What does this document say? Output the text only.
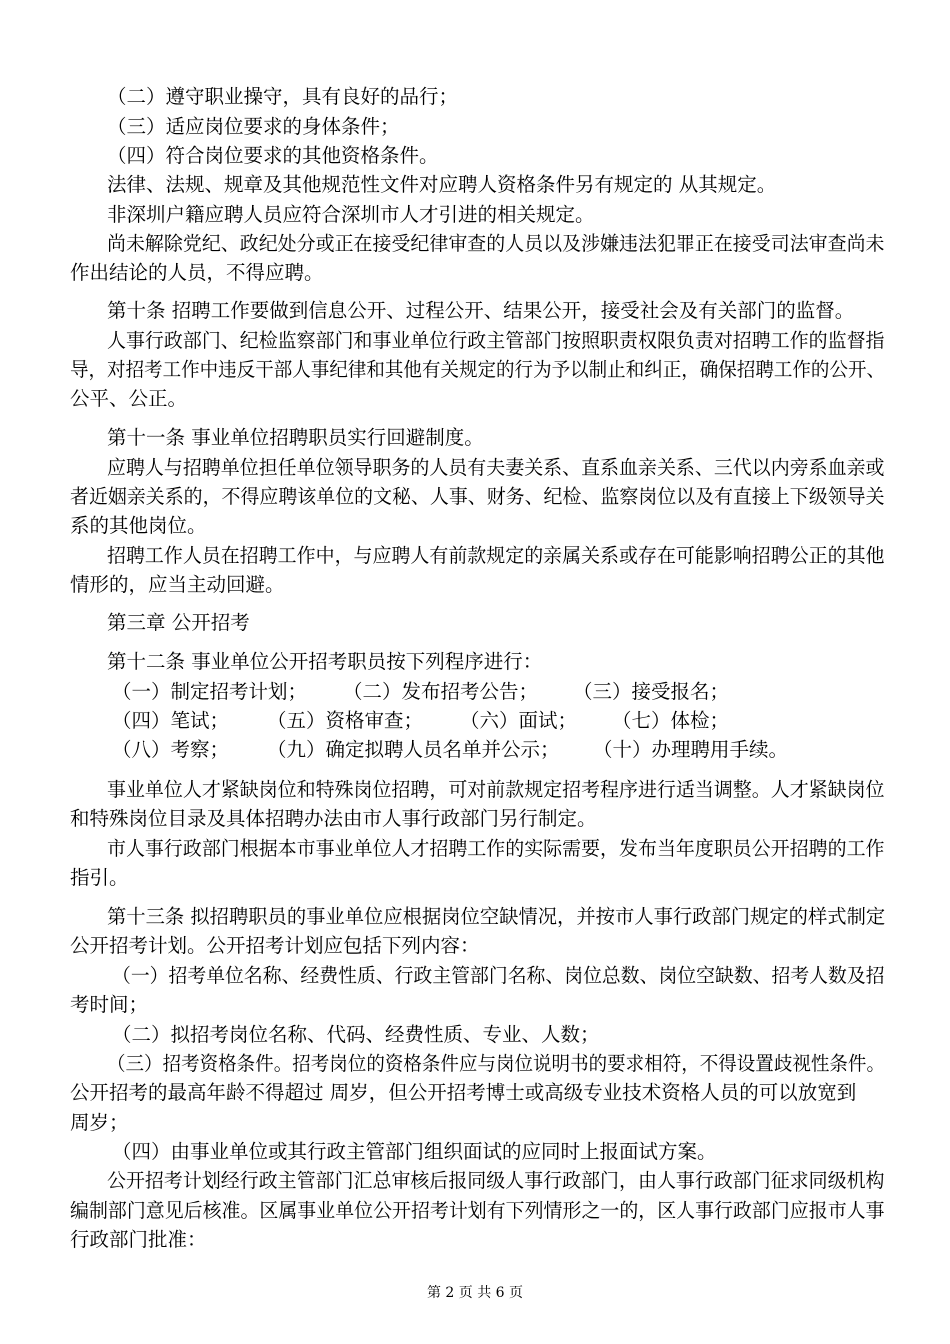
（二）遵守职业操守，具有良好的品行；
（三）适应岗位要求的身体条件；
（四）符合岗位要求的其他资格条件。
法律、法规、规章及其他规范性文件对应聘人资格条件另有规定的 从其规定。
非深圳户籍应聘人员应符合深圳市人才引进的相关规定。
尚未解除党纪、政纪处分或正在接受纪律审查的人员以及涉嫌违法犯罪正在接受司法审查尚未
作出结论的人员，不得应聘。
第十条 招聘工作要做到信息公开、过程公开、结果公开，接受社会及有关部门的监督。
人事行政部门、纪检监察部门和事业单位行政主管部门按照职责权限负责对招聘工作的监督指
导，对招考工作中违反干部人事纪律和其他有关规定的行为予以制止和纠正，确保招聘工作的公开、
公平、公正。
第十一条 事业单位招聘职员实行回避制度。
应聘人与招聘单位担任单位领导职务的人员有夫妻关系、直系血亲关系、三代以内旁系血亲或
者近姻亲关系的，不得应聘该单位的文秘、人事、财务、纪检、监察岗位以及有直接上下级领导关
系的其他岗位。
招聘工作人员在招聘工作中，与应聘人有前款规定的亲属关系或存在可能影响招聘公正的其他
情形的，应当主动回避。
第三章 公开招考
第十二条 事业单位公开招考职员按下列程序进行：
（一）制定招考计划； （二）发布招考公告； （三）接受报名；
（四）笔试； （五）资格审查； （六）面试； （七）体检；
（八）考察； （九）确定拟聘人员名单并公示； （十）办理聘用手续。
事业单位人才紧缺岗位和特殊岗位招聘，可对前款规定招考程序进行适当调整。人才紧缺岗位
和特殊岗位目录及具体招聘办法由市人事行政部门另行制定。
市人事行政部门根据本市事业单位人才招聘工作的实际需要，发布当年度职员公开招聘的工作
指引。
第十三条 拟招聘职员的事业单位应根据岗位空缺情况，并按市人事行政部门规定的样式制定
公开招考计划。公开招考计划应包括下列内容：
（一）招考单位名称、经费性质、行政主管部门名称、岗位总数、岗位空缺数、招考人数及招
考时间；
（二）拟招考岗位名称、代码、经费性质、专业、人数；
（三）招考资格条件。招考岗位的资格条件应与岗位说明书的要求相符，不得设置歧视性条件。
公开招考的最高年龄不得超过 周岁，但公开招考博士或高级专业技术资格人员的可以放宽到
周岁；
（四）由事业单位或其行政主管部门组织面试的应同时上报面试方案。
公开招考计划经行政主管部门汇总审核后报同级人事行政部门，由人事行政部门征求同级机构
编制部门意见后核准。区属事业单位公开招考计划有下列情形之一的，区人事行政部门应报市人事
行政部门批准：
第 2 页 共 6 页
